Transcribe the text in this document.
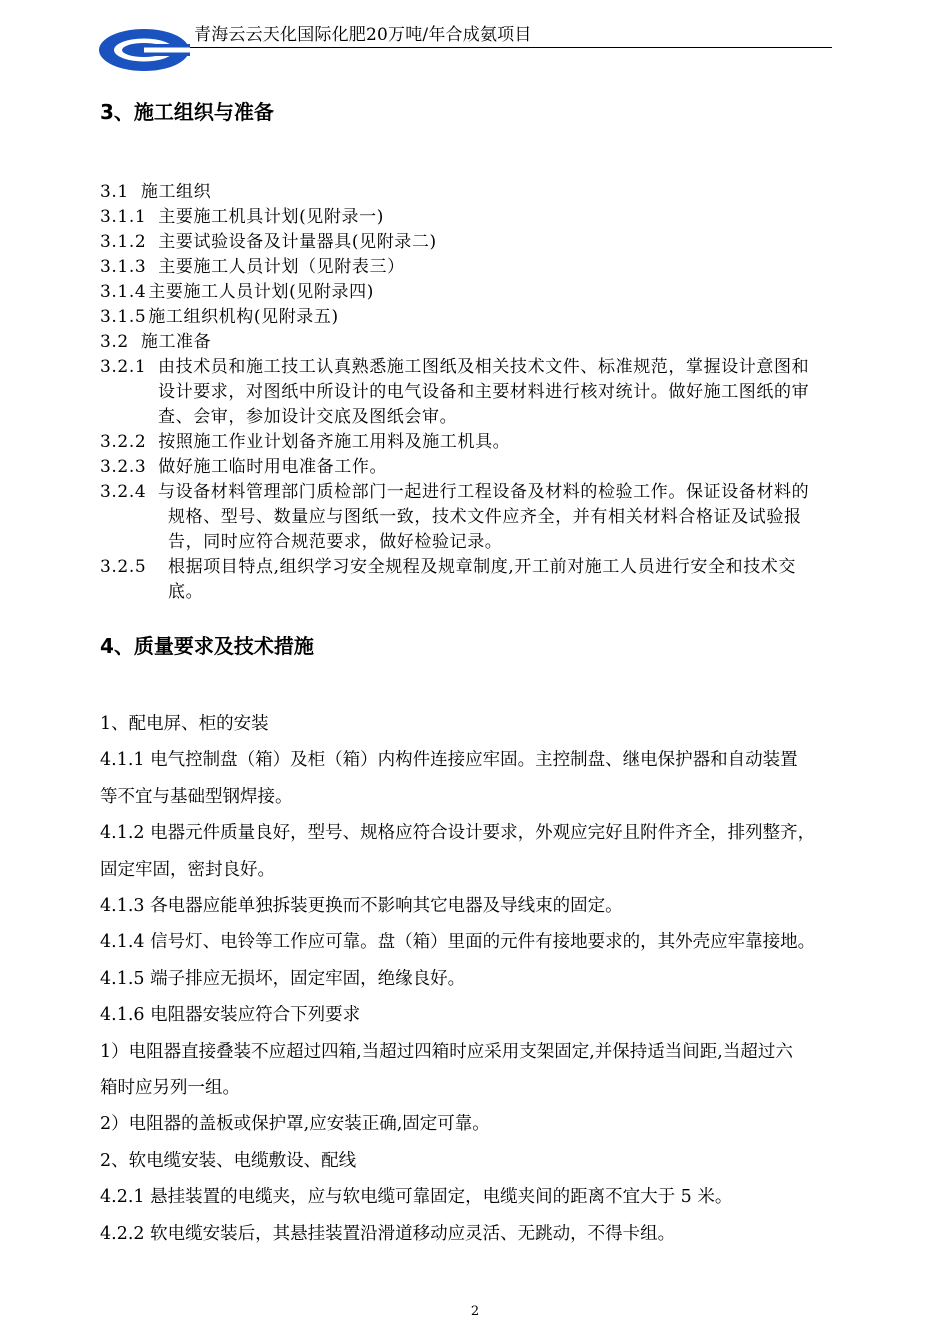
青海云云天化国际化肥20万吨/年合成氨项目
3、施工组织与准备
3.1 施工组织
3.1.1 主要施工机具计划(见附录一)
3.1.2 主要试验设备及计量器具(见附录二)
3.1.3 主要施工人员计划（见附表三）
3.1.4 主要施工人员计划(见附录四)
3.1.5 施工组织机构(见附录五)
3.2 施工准备
3.2.1 由技术员和施工技工认真熟悉施工图纸及相关技术文件、标准规范，掌握设计意图和
设计要求，对图纸中所设计的电气设备和主要材料进行核对统计。做好施工图纸的审
查、会审，参加设计交底及图纸会审。
3.2.2 按照施工作业计划备齐施工用料及施工机具。
3.2.3 做好施工临时用电准备工作。
3.2.4 与设备材料管理部门质检部门一起进行工程设备及材料的检验工作。保证设备材料的
规格、型号、数量应与图纸一致，技术文件应齐全，并有相关材料合格证及试验报
告，同时应符合规范要求，做好检验记录。
3.2.5	根据项目特点,组织学习安全规程及规章制度,开工前对施工人员进行安全和技术交
底。
4、质量要求及技术措施

1、配电屏、柜的安装

4.1.1 电气控制盘（箱）及柜（箱）内构件连接应牢固。主控制盘、继电保护器和自动装置

等不宜与基础型钢焊接。

4.1.2 电器元件质量良好，型号、规格应符合设计要求，外观应完好且附件齐全，排列整齐，

固定牢固，密封良好。

4.1.3 各电器应能单独拆装更换而不影响其它电器及导线束的固定。

4.1.4 信号灯、电铃等工作应可靠。盘（箱）里面的元件有接地要求的，其外壳应牢靠接地。

4.1.5 端子排应无损坏，固定牢固，绝缘良好。

4.1.6 电阻器安装应符合下列要求

1）电阻器直接叠装不应超过四箱,当超过四箱时应采用支架固定,并保持适当间距,当超过六

箱时应另列一组。

2）电阻器的盖板或保护罩,应安装正确,固定可靠。

2、软电缆安装、电缆敷设、配线

4.2.1 悬挂装置的电缆夹，应与软电缆可靠固定，电缆夹间的距离不宜大于 5 米。

4.2.2 软电缆安装后，其悬挂装置沿滑道移动应灵活、无跳动，不得卡组。

2
